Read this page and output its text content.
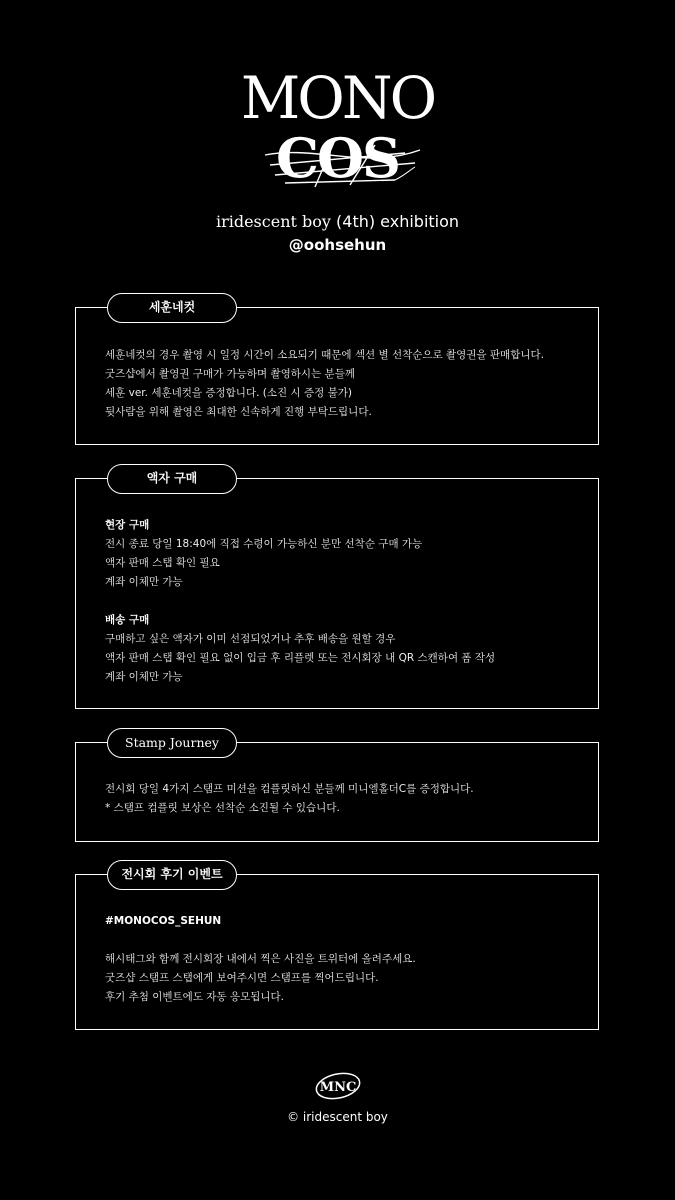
MONO
COS
iridescent boy (4th) exhibition
@oohsehun
세훈네컷
세훈네컷의 경우 촬영 시 일정 시간이 소요되기 때문에 섹션 별 선착순으로 촬영권을 판매합니다.
굿즈샵에서 촬영권 구매가 가능하며 촬영하시는 분들께
세훈 ver. 세훈네컷을 증정합니다. (소진 시 증정 불가)
뒷사람을 위해 촬영은 최대한 신속하게 진행 부탁드립니다.
액자 구매
현장 구매
전시 종료 당일 18:40에 직접 수령이 가능하신 분만 선착순 구매 가능
액자 판매 스탭 확인 필요
계좌 이체만 가능
배송 구매
구매하고 싶은 액자가 이미 선점되었거나 추후 배송을 원할 경우
액자 판매 스탭 확인 필요 없이 입금 후 리플렛 또는 전시회장 내 QR 스캔하여 폼 작성
계좌 이체만 가능
Stamp Journey
전시회 당일 4가지 스탬프 미션을 컴플릿하신 분들께 미니엘홀더C를 증정합니다.
* 스탬프 컴플릿 보상은 선착순 소진될 수 있습니다.
전시회 후기 이벤트
#MONOCOS_SEHUN
해시태그와 함께 전시회장 내에서 찍은 사진을 트위터에 올려주세요.
굿즈샵 스탬프 스탭에게 보여주시면 스탬프를 찍어드립니다.
후기 추첨 이벤트에도 자동 응모됩니다.
MNC
© iridescent boy
